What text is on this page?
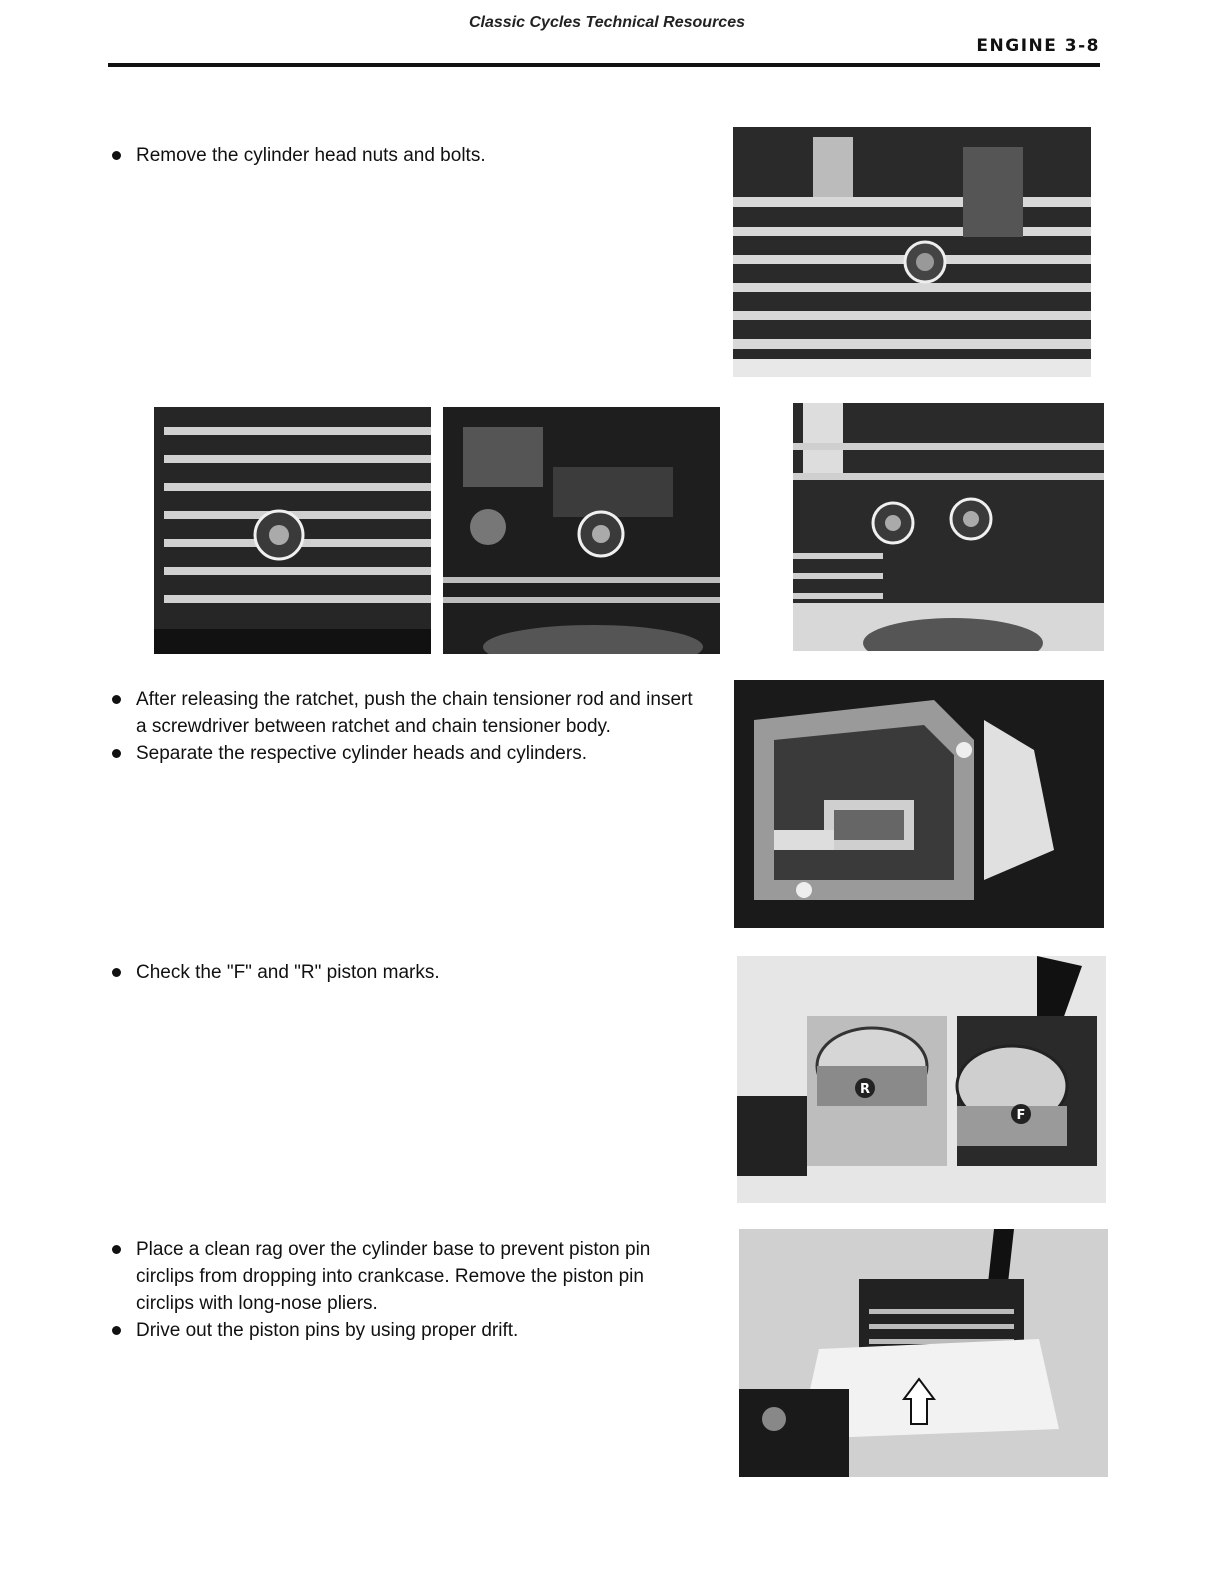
Classic Cycles Technical Resources
ENGINE 3-8
Remove the cylinder head nuts and bolts.
After releasing the ratchet, push the chain tensioner rod and insert a screwdriver between ratchet and chain tensioner body.
Separate the respective cylinder heads and cylinders.
Check the "F" and "R" piston marks.
R
F
Place a clean rag over the cylinder base to prevent piston pin circlips from dropping into crankcase. Remove the piston pin circlips with long-nose pliers.
Drive out the piston pins by using proper drift.
